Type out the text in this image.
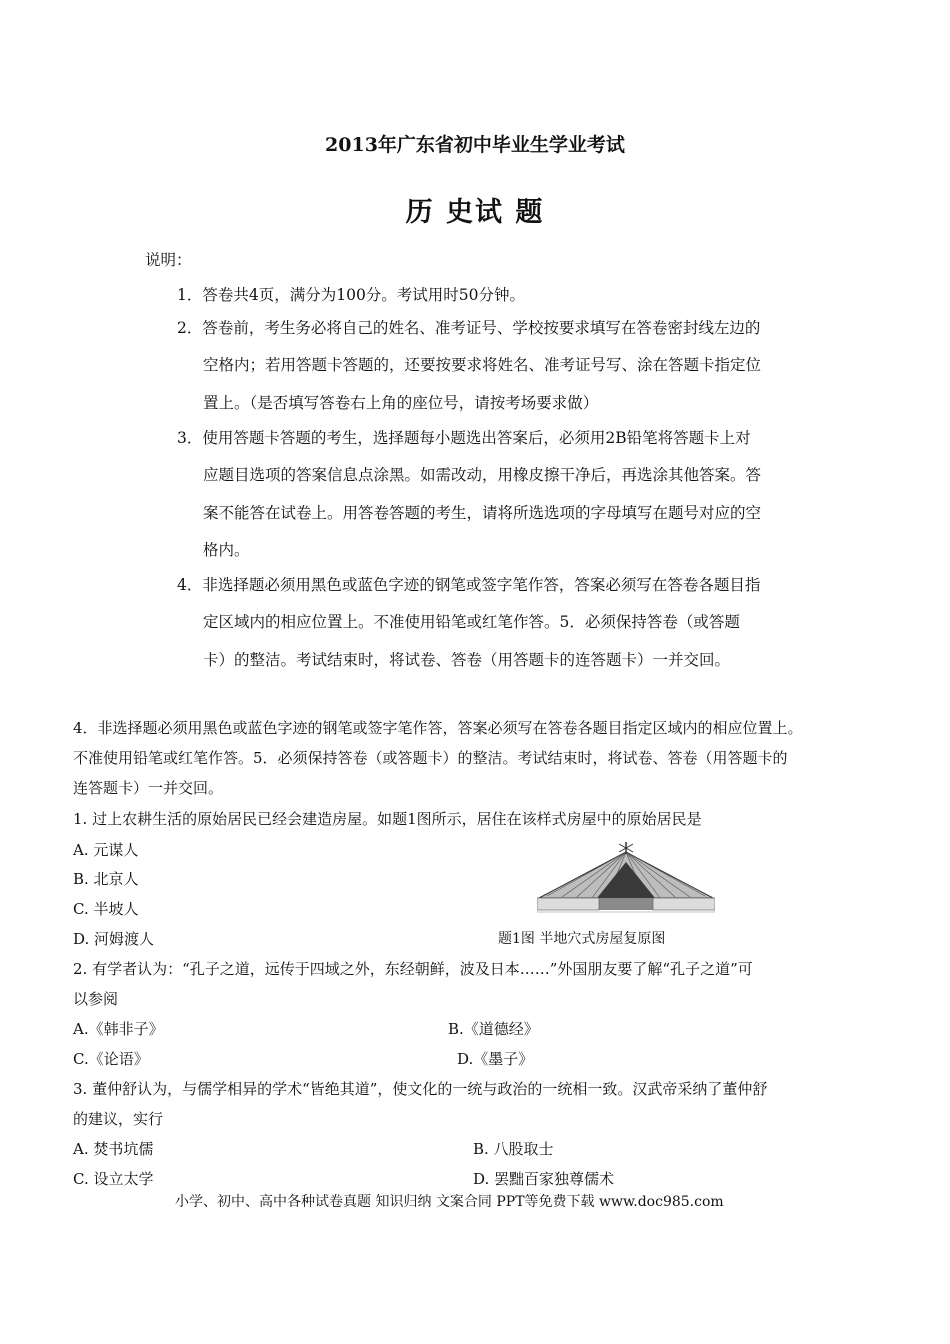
2013年广东省初中毕业生学业考试
历 史试 题
说明：
1．答卷共4页，满分为100分。考试用时50分钟。
2．答卷前，考生务必将自己的姓名、准考证号、学校按要求填写在答卷密封线左边的
空格内；若用答题卡答题的，还要按要求将姓名、准考证号写、涂在答题卡指定位
置上。（是否填写答卷右上角的座位号，请按考场要求做）
3．使用答题卡答题的考生，选择题每小题选出答案后，必须用2B铅笔将答题卡上对
应题目选项的答案信息点涂黑。如需改动，用橡皮擦干净后，再选涂其他答案。答
案不能答在试卷上。用答卷答题的考生，请将所选选项的字母填写在题号对应的空
格内。
4．非选择题必须用黑色或蓝色字迹的钢笔或签字笔作答，答案必须写在答卷各题目指
定区域内的相应位置上。不准使用铅笔或红笔作答。5．必须保持答卷（或答题
卡）的整洁。考试结束时，将试卷、答卷（用答题卡的连答题卡）一并交回。
4．非选择题必须用黑色或蓝色字迹的钢笔或签字笔作答，答案必须写在答卷各题目指定区域内的相应位置上。
不准使用铅笔或红笔作答。5．必须保持答卷（或答题卡）的整洁。考试结束时，将试卷、答卷（用答题卡的
连答题卡）一并交回。
1. 过上农耕生活的原始居民已经会建造房屋。如题1图所示，居住在该样式房屋中的原始居民是
A. 元谋人
B. 北京人
C. 半坡人
D. 河姆渡人	题1图 半地穴式房屋复原图
2. 有学者认为：“孔子之道，远传于四域之外，东经朝鲜，波及日本……”外国朋友要了解“孔子之道”可
以参阅
A.《韩非子》	B.《道德经》
C.《论语》	D.《墨子》
3. 董仲舒认为，与儒学相异的学术“皆绝其道”，使文化的一统与政治的一统相一致。汉武帝采纳了董仲舒
的建议，实行
A. 焚书坑儒	B. 八股取士
C. 设立太学	D. 罢黜百家独尊儒术
小学、初中、高中各种试卷真题 知识归纳 文案合同 PPT等免费下载 www.doc985.com
